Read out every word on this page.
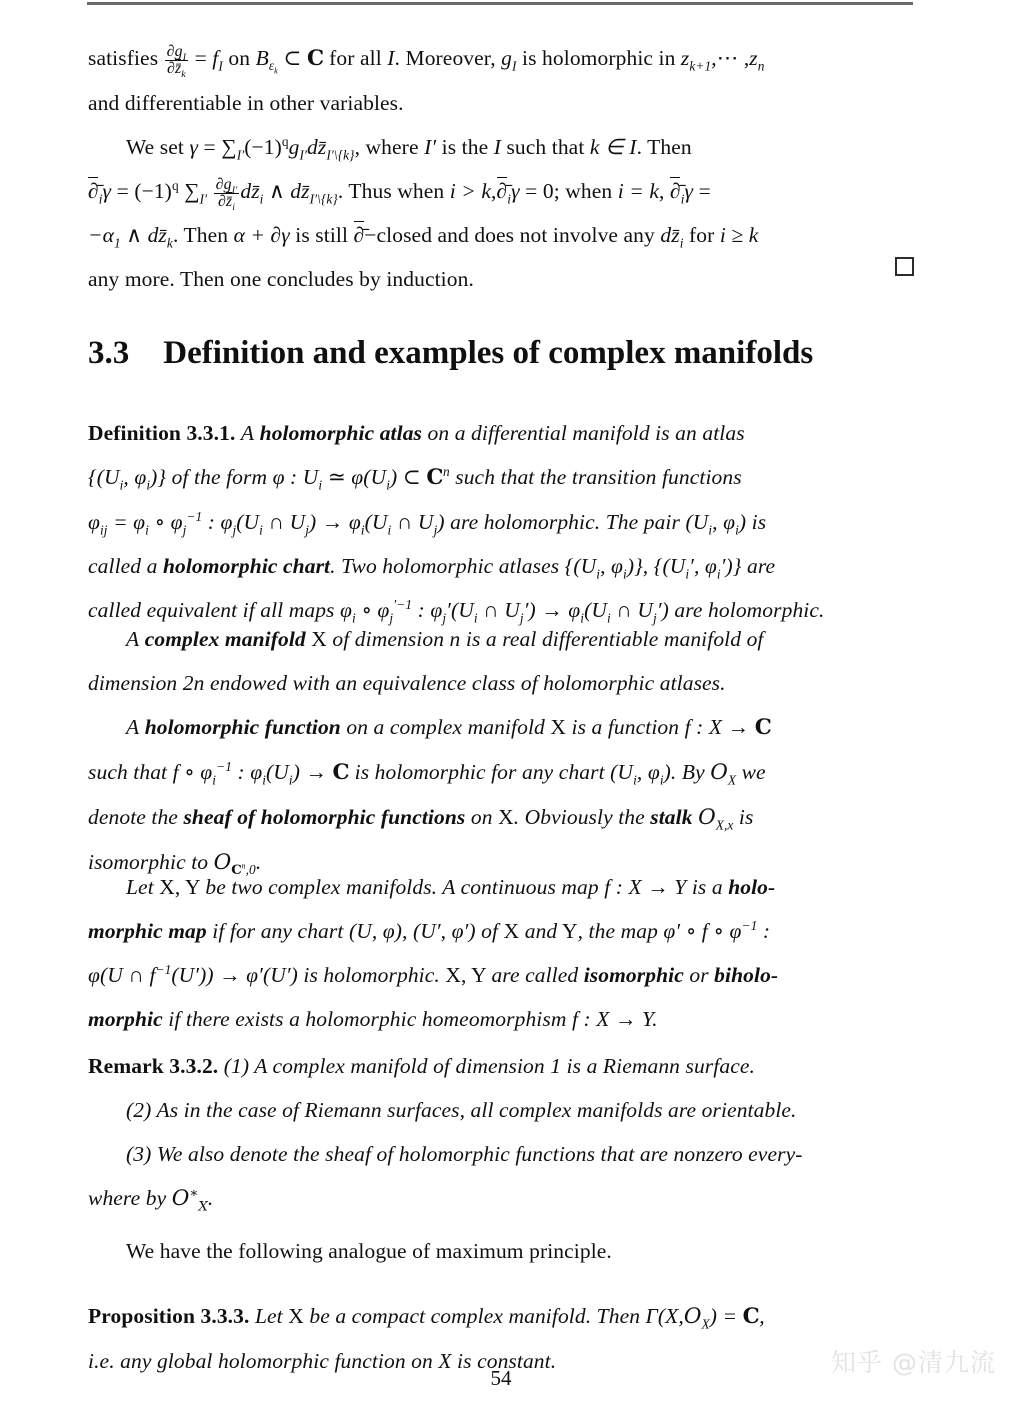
satisfies $\frac{\partial g_I}{\partial z̄_k} = f_I$ on $B_{\varepsilon_k}$ ⊂ C for all I. Moreover, $g_I$ is holomorphic in $z_{k+1},\cdots$ $,z_n$
and differentiable in other variables.
We set $\gamma = \sum_{I'}(-1)^qg_{I'}dz̄_{I'\backslash\{k\}}$, where I′ is the I such that k ∈ I. Then
$\partial̄_i\gamma = (-1)^q$ $\sum_{I'} \frac{\partial g_{I'}}{\partial z̄_i}$ $dz̄_i$ ∧ $dz̄_{I'\backslash\{k\}}$. Thus when $i > k,\partial̄_i\gamma = 0$; when i = k, $\partial̄_i\gamma$ =
$-\alpha_1$ ∧ $dz̄_k$. Then α + ∂γ is still ∂̄−closed and does not involve any $dz̄_i$ for i ≥ k
any more. Then one concludes by induction.
3.3 Definition and examples of complex manifolds
Definition 3.3.1. A holomorphic atlas on a differential manifold is an atlas
{($U_i$, $\varphi_i$)} of the form φ : $U_i$ ≃ $\varphi(U_i)$ ⊂ $C^n$ such that the transition functions
$\varphi_{ij} = \varphi_i$ ∘ $\varphi_j^{-1}$ : $\varphi_j(U_i$ ∩ $U_j) \to \varphi_i(U_i$ ∩ $U_j$) are holomorphic. The pair ($U_i$, $\varphi_i$) is
called a holomorphic chart. Two holomorphic atlases {($U_i$, $\varphi_i$)}, {($U_i'$, $\varphi_i'$)} are
called equivalent if all maps $\varphi_i$ ∘ $\varphi_j^{'-1}$ : $\varphi_j'(U_i$ ∩ $U_j') \to \varphi_i(U_i$ ∩ $U_j'$) are holomorphic.
A complex manifold X of dimension n is a real differentiable manifold of
dimension 2n endowed with an equivalence class of holomorphic atlases.
A holomorphic function on a complex manifold X is a function f : X → C
such that f ∘ $\varphi_i^{-1}$ : $\varphi_i(U_i) \to C$ is holomorphic for any chart ($U_i$, $\varphi_i$). By $O_X$ we
denote the sheaf of holomorphic functions on X. Obviously the stalk $O_{X,x}$ is
isomorphic to $O_{C^n,0}$.
Let X, Y be two complex manifolds. A continuous map f : X → Y is a holo-
morphic map if for any chart (U, φ), (U′, φ′) of X and Y, the map φ′ ∘ f ∘ $\varphi^{-1}$ :
φ(U ∩ $f^{-1}(U')) \to \varphi'(U')$ is holomorphic. X, Y are called isomorphic or biholo-
morphic if there exists a holomorphic homeomorphism f : X → Y.
Remark 3.3.2. (1) A complex manifold of dimension 1 is a Riemann surface.
(2) As in the case of Riemann surfaces, all complex manifolds are orientable.
(3) We also denote the sheaf of holomorphic functions that are nonzero every-
where by $O^∗_X$.
We have the following analogue of maximum principle.
Proposition 3.3.3. Let X be a compact complex manifold. Then $\Gamma(X,O_X) = C$,
i.e. any global holomorphic function on X is constant.
54
知乎 @清九流
